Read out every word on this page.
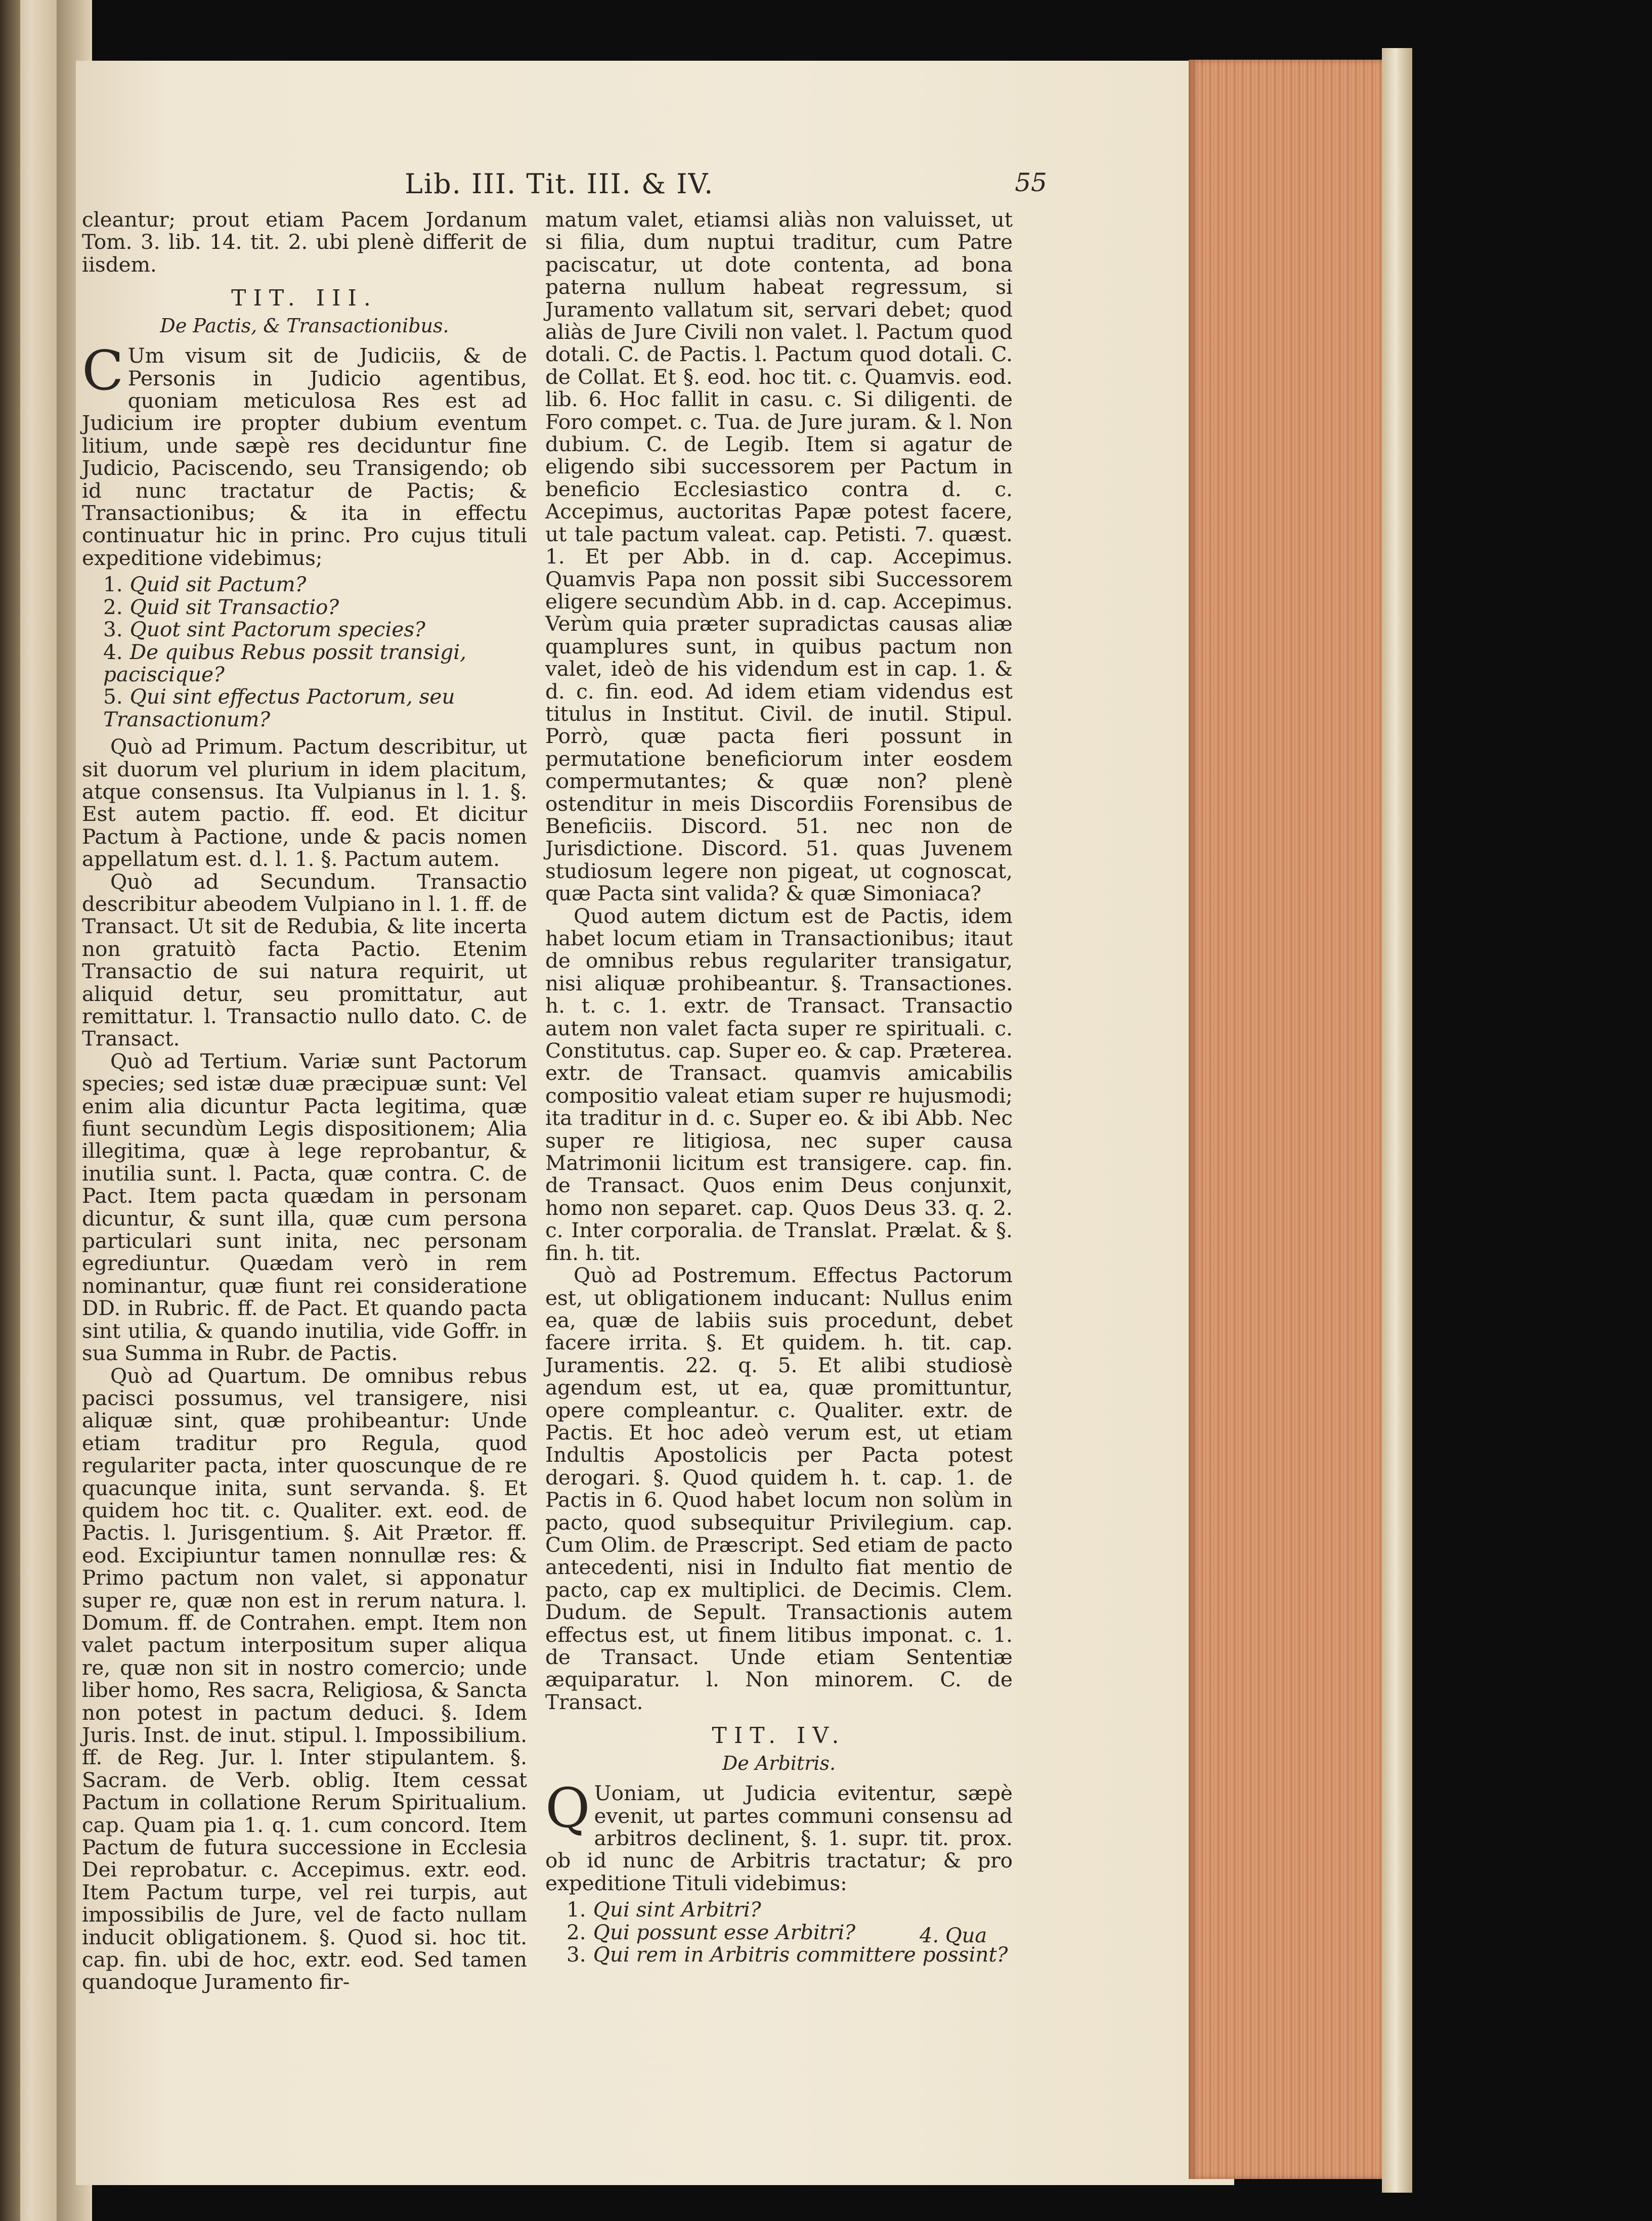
Lib. III. Tit. III. & IV.	55

cleantur; prout etiam Pacem Jordanum Tom. 3. lib. 14. tit. 2. ubi plenè differit de iisdem.

TIT. III.
De Pactis, & Transactionibus.

C Um visum sit de Judiciis, & de Personis in Judicio agentibus, quoniam meticulosa Res est ad Judicium ire propter dubium eventum litium, unde sæpè res deciduntur fine Judicio, Paciscendo, seu Transigendo; ob id nunc tractatur de Pactis; & Transactionibus; & ita in effectu continuatur hic in princ. Pro cujus tituli expeditione videbimus;

1. Quid sit Pactum?
2. Quid sit Transactio?
3. Quot sint Pactorum species?
4. De quibus Rebus possit transigi, paciscique?
5. Qui sint effectus Pactorum, seu Transactionum?

Quò ad Primum. Pactum describitur, ut sit duorum vel plurium in idem placitum, atque consensus. Ita Vulpianus in l. 1. §. Est autem pactio. ff. eod. Et dicitur Pactum à Pactione, unde & pacis nomen appellatum est. d. l. 1. §. Pactum autem.

Quò ad Secundum. Transactio describitur abeodem Vulpiano in l. 1. ff. de Transact. Ut sit de Redubia, & lite incerta non gratuitò facta Pactio. Etenim Transactio de sui natura requirit, ut aliquid detur, seu promittatur, aut remittatur. l. Transactio nullo dato. C. de Transact.

Quò ad Tertium. Variæ sunt Pactorum species; sed istæ duæ præcipuæ sunt: Vel enim alia dicuntur Pacta legitima, quæ fiunt secundùm Legis dispositionem; Alia illegitima, quæ à lege reprobantur, & inutilia sunt. l. Pacta, quæ contra. C. de Pact. Item pacta quædam in personam dicuntur, & sunt illa, quæ cum persona particulari sunt inita, nec personam egrediuntur. Quædam verò in rem nominantur, quæ fiunt rei consideratione DD. in Rubric. ff. de Pact. Et quando pacta sint utilia, & quando inutilia, vide Goffr. in sua Summa in Rubr. de Pactis.

Quò ad Quartum. De omnibus rebus pacisci possumus, vel transigere, nisi aliquæ sint, quæ prohibeantur: Unde etiam traditur pro Regula, quod regulariter pacta, inter quoscunque de re quacunque inita, sunt servanda. §. Et quidem hoc tit. c. Qualiter. ext. eod. de Pactis. l. Jurisgentium. §. Ait Prætor. ff. eod. Excipiuntur tamen nonnullæ res: & Primo pactum non valet, si apponatur super re, quæ non est in rerum natura. l. Domum. ff. de Contrahen. empt. Item non valet pactum interpositum super aliqua re, quæ non sit in nostro comercio; unde liber homo, Res sacra, Religiosa, & Sancta non potest in pactum deduci. §. Idem Juris. Inst. de inut. stipul. l. Impossibilium. ff. de Reg. Jur. l. Inter stipulantem. §. Sacram. de Verb. oblig. Item cessat Pactum in collatione Rerum Spiritualium. cap. Quam pia 1. q. 1. cum concord. Item Pactum de futura successione in Ecclesia Dei reprobatur. c. Accepimus. extr. eod. Item Pactum turpe, vel rei turpis, aut impossibilis de Jure, vel de facto nullam inducit obligationem. §. Quod si. hoc tit. cap. fin. ubi de hoc, extr. eod. Sed tamen quandoque Juramento fir-

matum valet, etiamsi aliàs non valuisset, ut si filia, dum nuptui traditur, cum Patre paciscatur, ut dote contenta, ad bona paterna nullum habeat regressum, si Juramento vallatum sit, servari debet; quod aliàs de Jure Civili non valet. l. Pactum quod dotali. C. de Pactis. l. Pactum quod dotali. C. de Collat. Et §. eod. hoc tit. c. Quamvis. eod. lib. 6. Hoc fallit in casu. c. Si diligenti. de Foro compet. c. Tua. de Jure juram. & l. Non dubium. C. de Legib. Item si agatur de eligendo sibi successorem per Pactum in beneficio Ecclesiastico contra d. c. Accepimus, auctoritas Papæ potest facere, ut tale pactum valeat. cap. Petisti. 7. quæst. 1. Et per Abb. in d. cap. Accepimus. Quamvis Papa non possit sibi Successorem eligere secundùm Abb. in d. cap. Accepimus. Verùm quia præter supradictas causas aliæ quamplures sunt, in quibus pactum non valet, ideò de his videndum est in cap. 1. & d. c. fin. eod. Ad idem etiam videndus est titulus in Institut. Civil. de inutil. Stipul. Porrò, quæ pacta fieri possunt in permutatione beneficiorum inter eosdem compermutantes; & quæ non? plenè ostenditur in meis Discordiis Forensibus de Beneficiis. Discord. 51. nec non de Jurisdictione. Discord. 51. quas Juvenem studiosum legere non pigeat, ut cognoscat, quæ Pacta sint valida? & quæ Simoniaca?

Quod autem dictum est de Pactis, idem habet locum etiam in Transactionibus; itaut de omnibus rebus regulariter transigatur, nisi aliquæ prohibeantur. §. Transactiones. h. t. c. 1. extr. de Transact. Transactio autem non valet facta super re spirituali. c. Constitutus. cap. Super eo. & cap. Præterea. extr. de Transact. quamvis amicabilis compositio valeat etiam super re hujusmodi; ita traditur in d. c. Super eo. & ibi Abb. Nec super re litigiosa, nec super causa Matrimonii licitum est transigere. cap. fin. de Transact. Quos enim Deus conjunxit, homo non separet. cap. Quos Deus 33. q. 2. c. Inter corporalia. de Translat. Prælat. & §. fin. h. tit.

Quò ad Postremum. Effectus Pactorum est, ut obligationem inducant: Nullus enim ea, quæ de labiis suis procedunt, debet facere irrita. §. Et quidem. h. tit. cap. Juramentis. 22. q. 5. Et alibi studiosè agendum est, ut ea, quæ promittuntur, opere compleantur. c. Qualiter. extr. de Pactis. Et hoc adeò verum est, ut etiam Indultis Apostolicis per Pacta potest derogari. §. Quod quidem h. t. cap. 1. de Pactis in 6. Quod habet locum non solùm in pacto, quod subsequitur Privilegium. cap. Cum Olim. de Præscript. Sed etiam de pacto antecedenti, nisi in Indulto fiat mentio de pacto, cap ex multiplici. de Decimis. Clem. Dudum. de Sepult. Transactionis autem effectus est, ut finem litibus imponat. c. 1. de Transact. Unde etiam Sententiæ æquiparatur. l. Non minorem. C. de Transact.

TIT. IV.
De Arbitris.

Q Uoniam, ut Judicia evitentur, sæpè evenit, ut partes communi consensu ad arbitros declinent, §. 1. supr. tit. prox. ob id nunc de Arbitris tractatur; & pro expeditione Tituli videbimus:

1. Qui sint Arbitri?
2. Qui possunt esse Arbitri?
3. Qui rem in Arbitris committere possint?
4. Qua
